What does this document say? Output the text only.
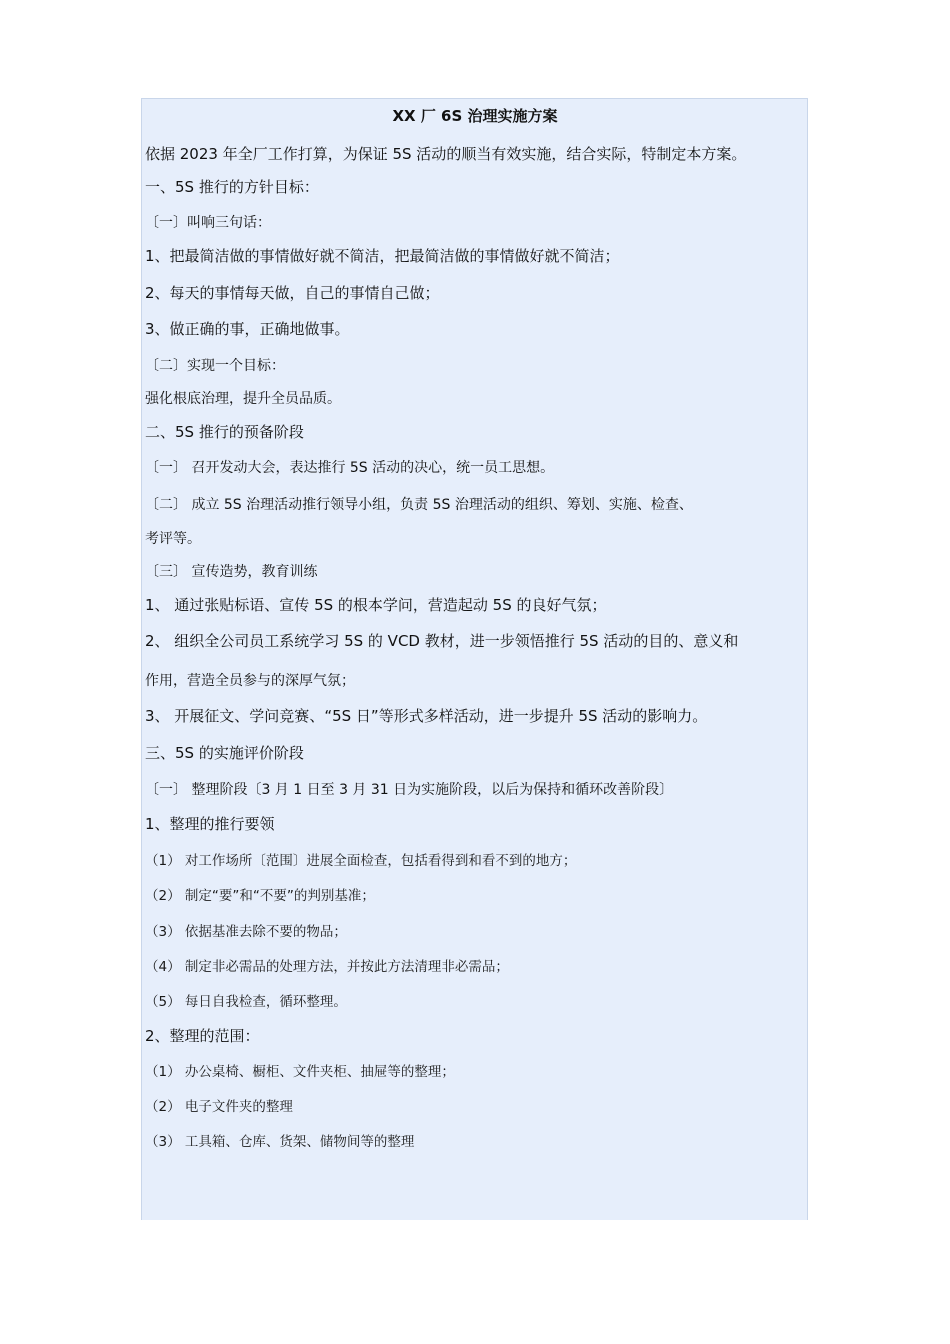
XX 厂 6S 治理实施方案
依据 2023 年全厂工作打算，为保证 5S 活动的顺当有效实施，结合实际，特制定本方案。
一、5S 推行的方针目标：
〔一〕叫响三句话：
1、把最简洁做的事情做好就不简洁，把最简洁做的事情做好就不简洁；
2、每天的事情每天做，自己的事情自己做；
3、做正确的事，正确地做事。
〔二〕实现一个目标：
强化根底治理，提升全员品质。
二、5S 推行的预备阶段
〔一〕 召开发动大会，表达推行 5S 活动的决心，统一员工思想。
〔二〕 成立 5S 治理活动推行领导小组，负责 5S 治理活动的组织、筹划、实施、检查、
考评等。
〔三〕 宣传造势，教育训练
1、 通过张贴标语、宣传 5S 的根本学问，营造起动 5S 的良好气氛；
2、 组织全公司员工系统学习 5S 的 VCD 教材，进一步领悟推行 5S 活动的目的、意义和
作用，营造全员参与的深厚气氛；
3、 开展征文、学问竞赛、“5S 日”等形式多样活动，进一步提升 5S 活动的影响力。
三、5S 的实施评价阶段
〔一〕 整理阶段〔3 月 1 日至 3 月 31 日为实施阶段，以后为保持和循环改善阶段〕
1、整理的推行要领
（1） 对工作场所〔范围〕进展全面检查，包括看得到和看不到的地方；
（2） 制定“要”和“不要”的判别基准；
（3） 依据基准去除不要的物品；
（4） 制定非必需品的处理方法，并按此方法清理非必需品；
（5） 每日自我检查，循环整理。
2、整理的范围：
（1） 办公桌椅、橱柜、文件夹柜、抽屉等的整理；
（2） 电子文件夹的整理
（3） 工具箱、仓库、货架、储物间等的整理
